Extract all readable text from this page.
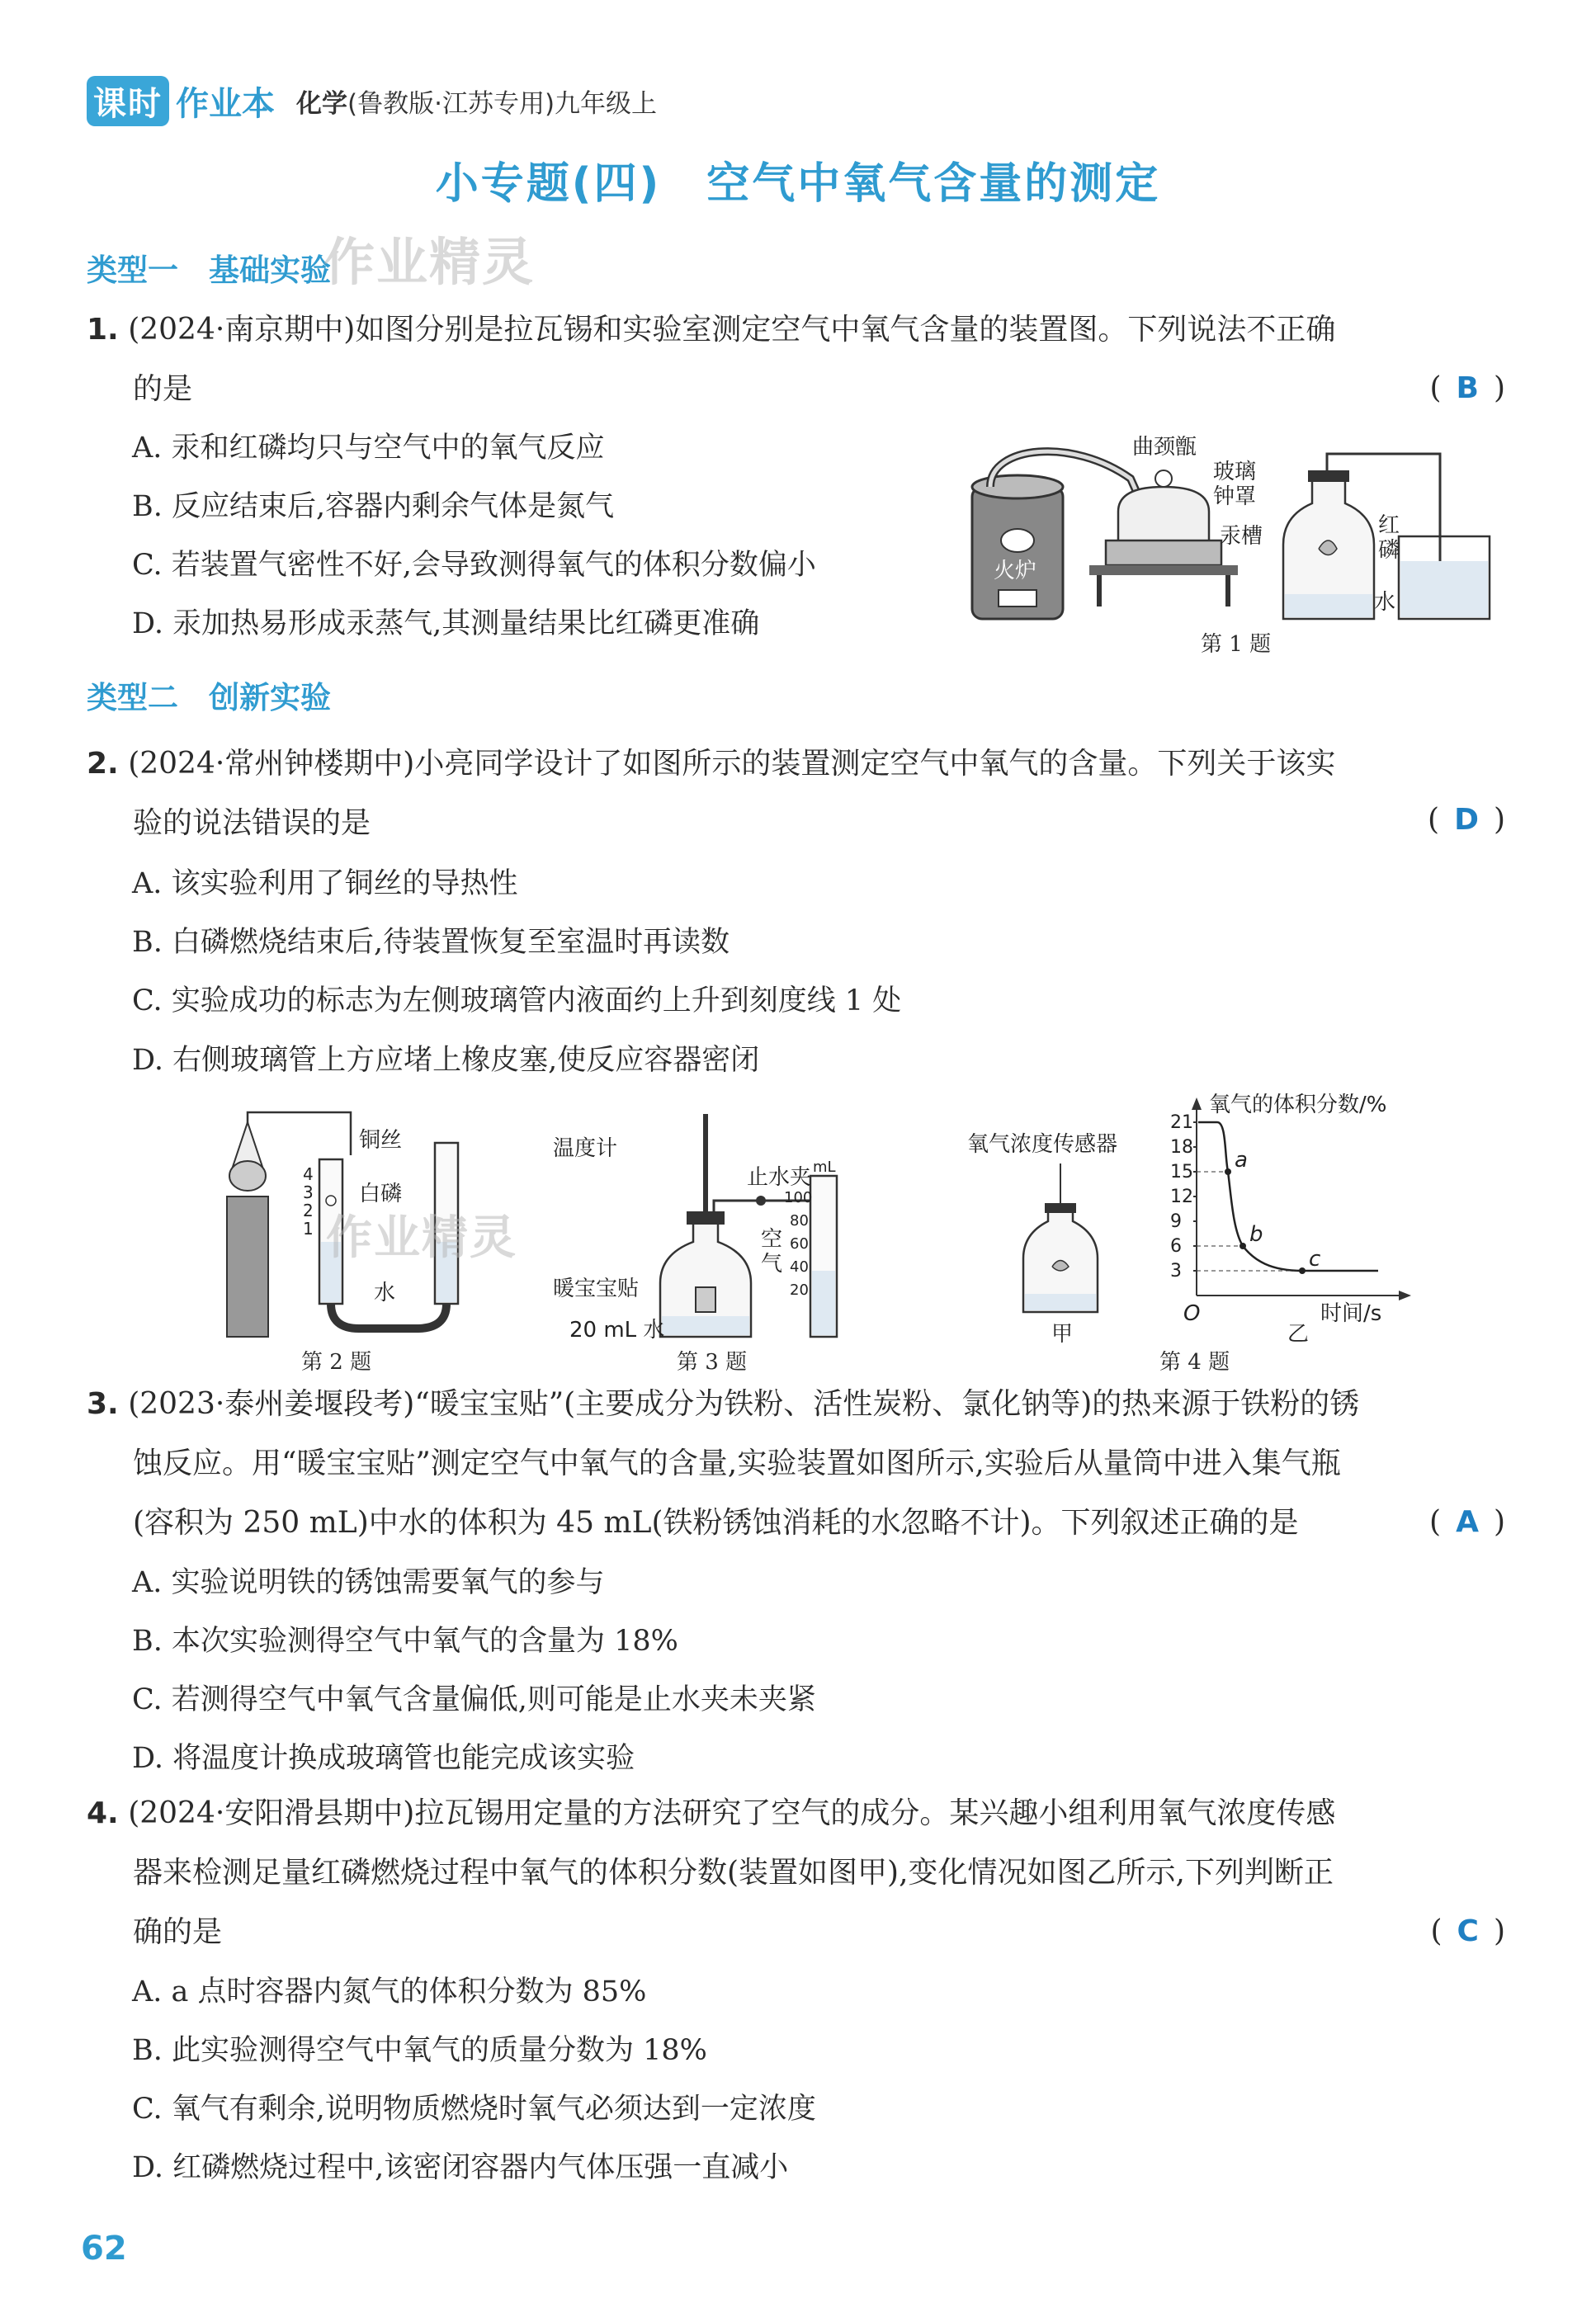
课时 作业本 化学(鲁教版·江苏专用)九年级上
小专题(四)　空气中氧气含量的测定
类型一　基础实验
作业精灵
1. (2024·南京期中)如图分别是拉瓦锡和实验室测定空气中氧气含量的装置图。下列说法不正确
的是	( B )
A. 汞和红磷均只与空气中的氧气反应
B. 反应结束后,容器内剩余气体是氮气
C. 若装置气密性不好,会导致测得氧气的体积分数偏小
D. 汞加热易形成汞蒸气,其测量结果比红磷更准确
火炉
曲颈甑
玻璃
钟罩
汞槽	红
磷
水
第 1 题
类型二　创新实验
2. (2024·常州钟楼期中)小亮同学设计了如图所示的装置测定空气中氧气的含量。下列关于该实
验的说法错误的是	( D )
A. 该实验利用了铜丝的导热性
B. 白磷燃烧结束后,待装置恢复至室温时再读数
C. 实验成功的标志为左侧玻璃管内液面约上升到刻度线 1 处
D. 右侧玻璃管上方应堵上橡皮塞,使反应容器密闭
4
3
2
1
铜丝
白磷
水
作业精灵
第 2 题
温度计
止水夹
空
气
暖宝宝贴
20 mL 水
mL
100
80
60
40
20
第 3 题
氧气浓度传感器
甲
氧气的体积分数/%
时间/s
O
21
18
15
12
9
6
3
a
b
c
乙
第 4 题
3. (2023·泰州姜堰段考)“暖宝宝贴”(主要成分为铁粉、活性炭粉、氯化钠等)的热来源于铁粉的锈
蚀反应。用“暖宝宝贴”测定空气中氧气的含量,实验装置如图所示,实验后从量筒中进入集气瓶
(容积为 250 mL)中水的体积为 45 mL(铁粉锈蚀消耗的水忽略不计)。下列叙述正确的是	( A )
A. 实验说明铁的锈蚀需要氧气的参与
B. 本次实验测得空气中氧气的含量为 18%
C. 若测得空气中氧气含量偏低,则可能是止水夹未夹紧
D. 将温度计换成玻璃管也能完成该实验
4. (2024·安阳滑县期中)拉瓦锡用定量的方法研究了空气的成分。某兴趣小组利用氧气浓度传感
器来检测足量红磷燃烧过程中氧气的体积分数(装置如图甲),变化情况如图乙所示,下列判断正
确的是	( C )
A. a 点时容器内氮气的体积分数为 85%
B. 此实验测得空气中氧气的质量分数为 18%
C. 氧气有剩余,说明物质燃烧时氧气必须达到一定浓度
D. 红磷燃烧过程中,该密闭容器内气体压强一直减小
62
